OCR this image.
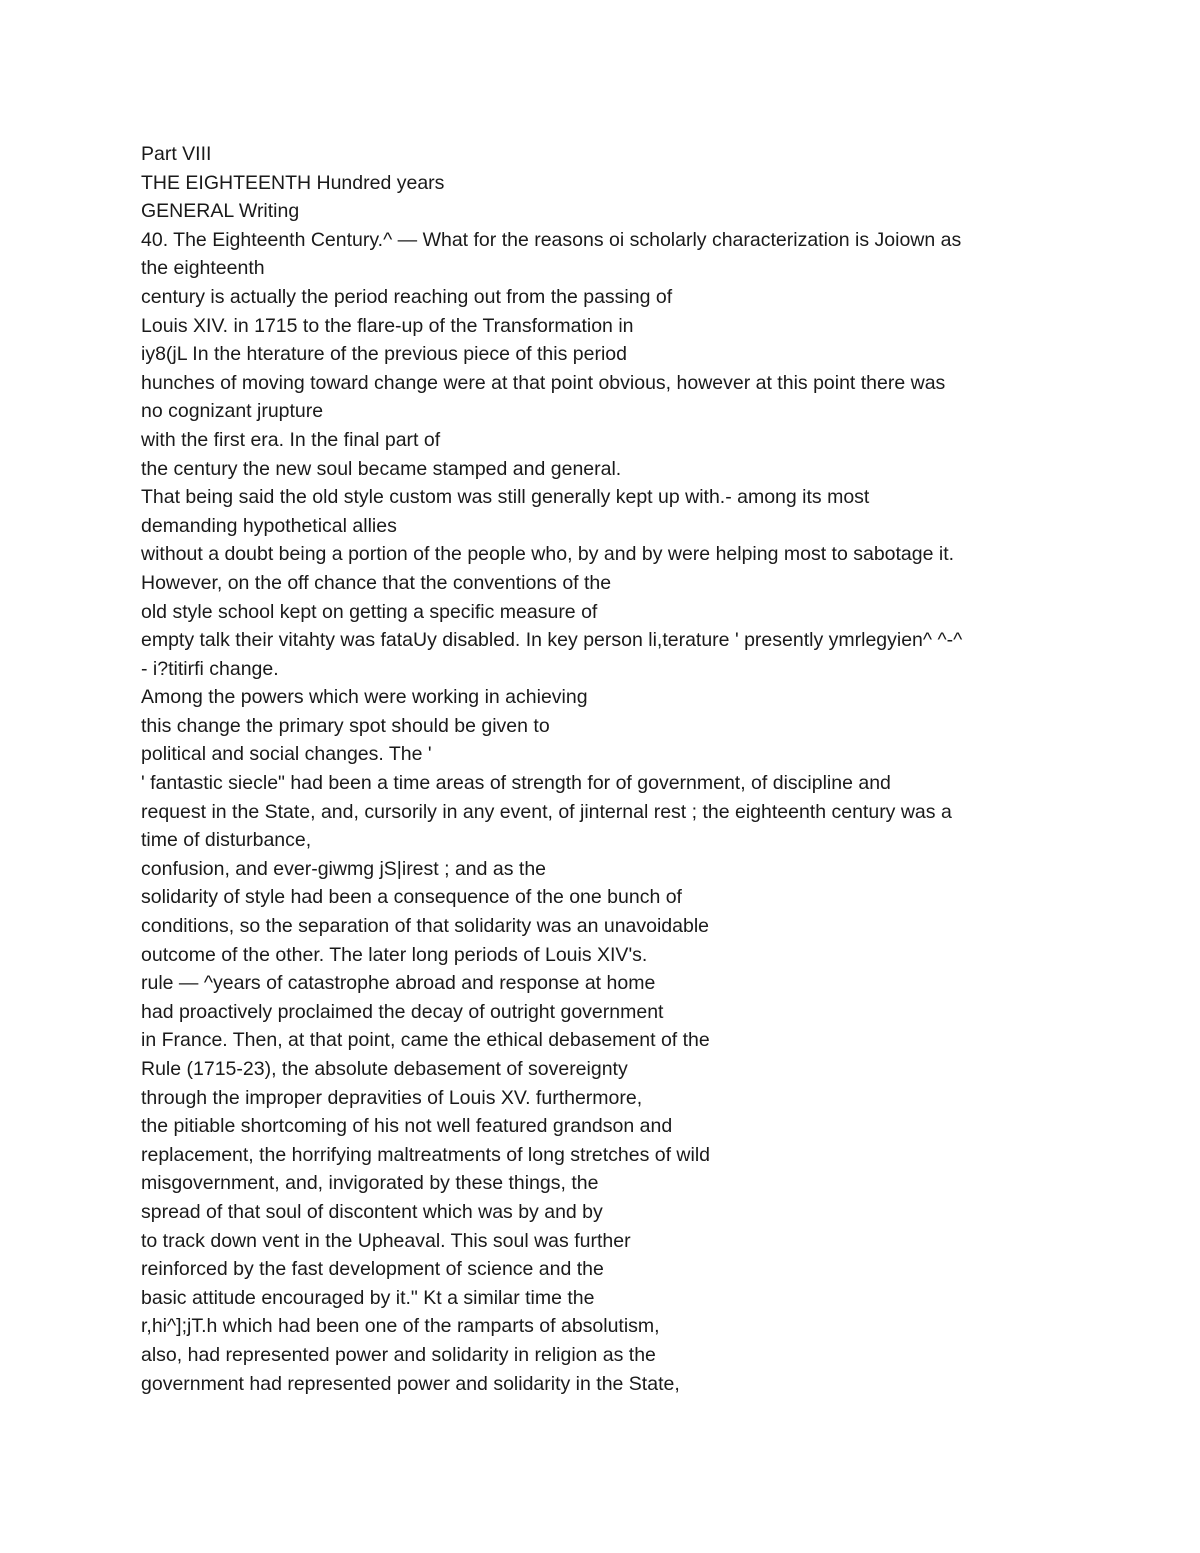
Part VIII
THE EIGHTEENTH Hundred years
GENERAL Writing
40. The Eighteenth Century.^ — What for the reasons oi scholarly characterization is Joiown as
the eighteenth
century is actually the period reaching out from the passing of
Louis XIV. in 1715 to the flare-up of the Transformation in
iy8(jL In the hterature of the previous piece of this period
hunches of moving toward change were at that point obvious, however at this point there was
no cognizant jrupture
with the first era. In the final part of
the century the new soul became stamped and general.
That being said the old style custom was still generally kept up with.- among its most
demanding hypothetical allies
without a doubt being a portion of the people who, by and by were helping most to sabotage it.
However, on the off chance that the conventions of the
old style school kept on getting a specific measure of
empty talk their vitahty was fataUy disabled. In key person li,terature ' presently ymrlegyien^ ^-^
- i?titirfi change.
Among the powers which were working in achieving
this change the primary spot should be given to
political and social changes. The '
' fantastic siecle" had been a time areas of strength for of government, of discipline and
request in the State, and, cursorily in any event, of jinternal rest ; the eighteenth century was a
time of disturbance,
confusion, and ever-giwmg jS|irest ; and as the
solidarity of style had been a consequence of the one bunch of
conditions, so the separation of that solidarity was an unavoidable
outcome of the other. The later long periods of Louis XIV's.
rule — ^years of catastrophe abroad and response at home
had proactively proclaimed the decay of outright government
in France. Then, at that point, came the ethical debasement of the
Rule (1715-23), the absolute debasement of sovereignty
through the improper depravities of Louis XV. furthermore,
the pitiable shortcoming of his not well featured grandson and
replacement, the horrifying maltreatments of long stretches of wild
misgovernment, and, invigorated by these things, the
spread of that soul of discontent which was by and by
to track down vent in the Upheaval. This soul was further
reinforced by the fast development of science and the
basic attitude encouraged by it." Kt a similar time the
r,hi^];jT.h which had been one of the ramparts of absolutism,
also, had represented power and solidarity in religion as the
government had represented power and solidarity in the State,
